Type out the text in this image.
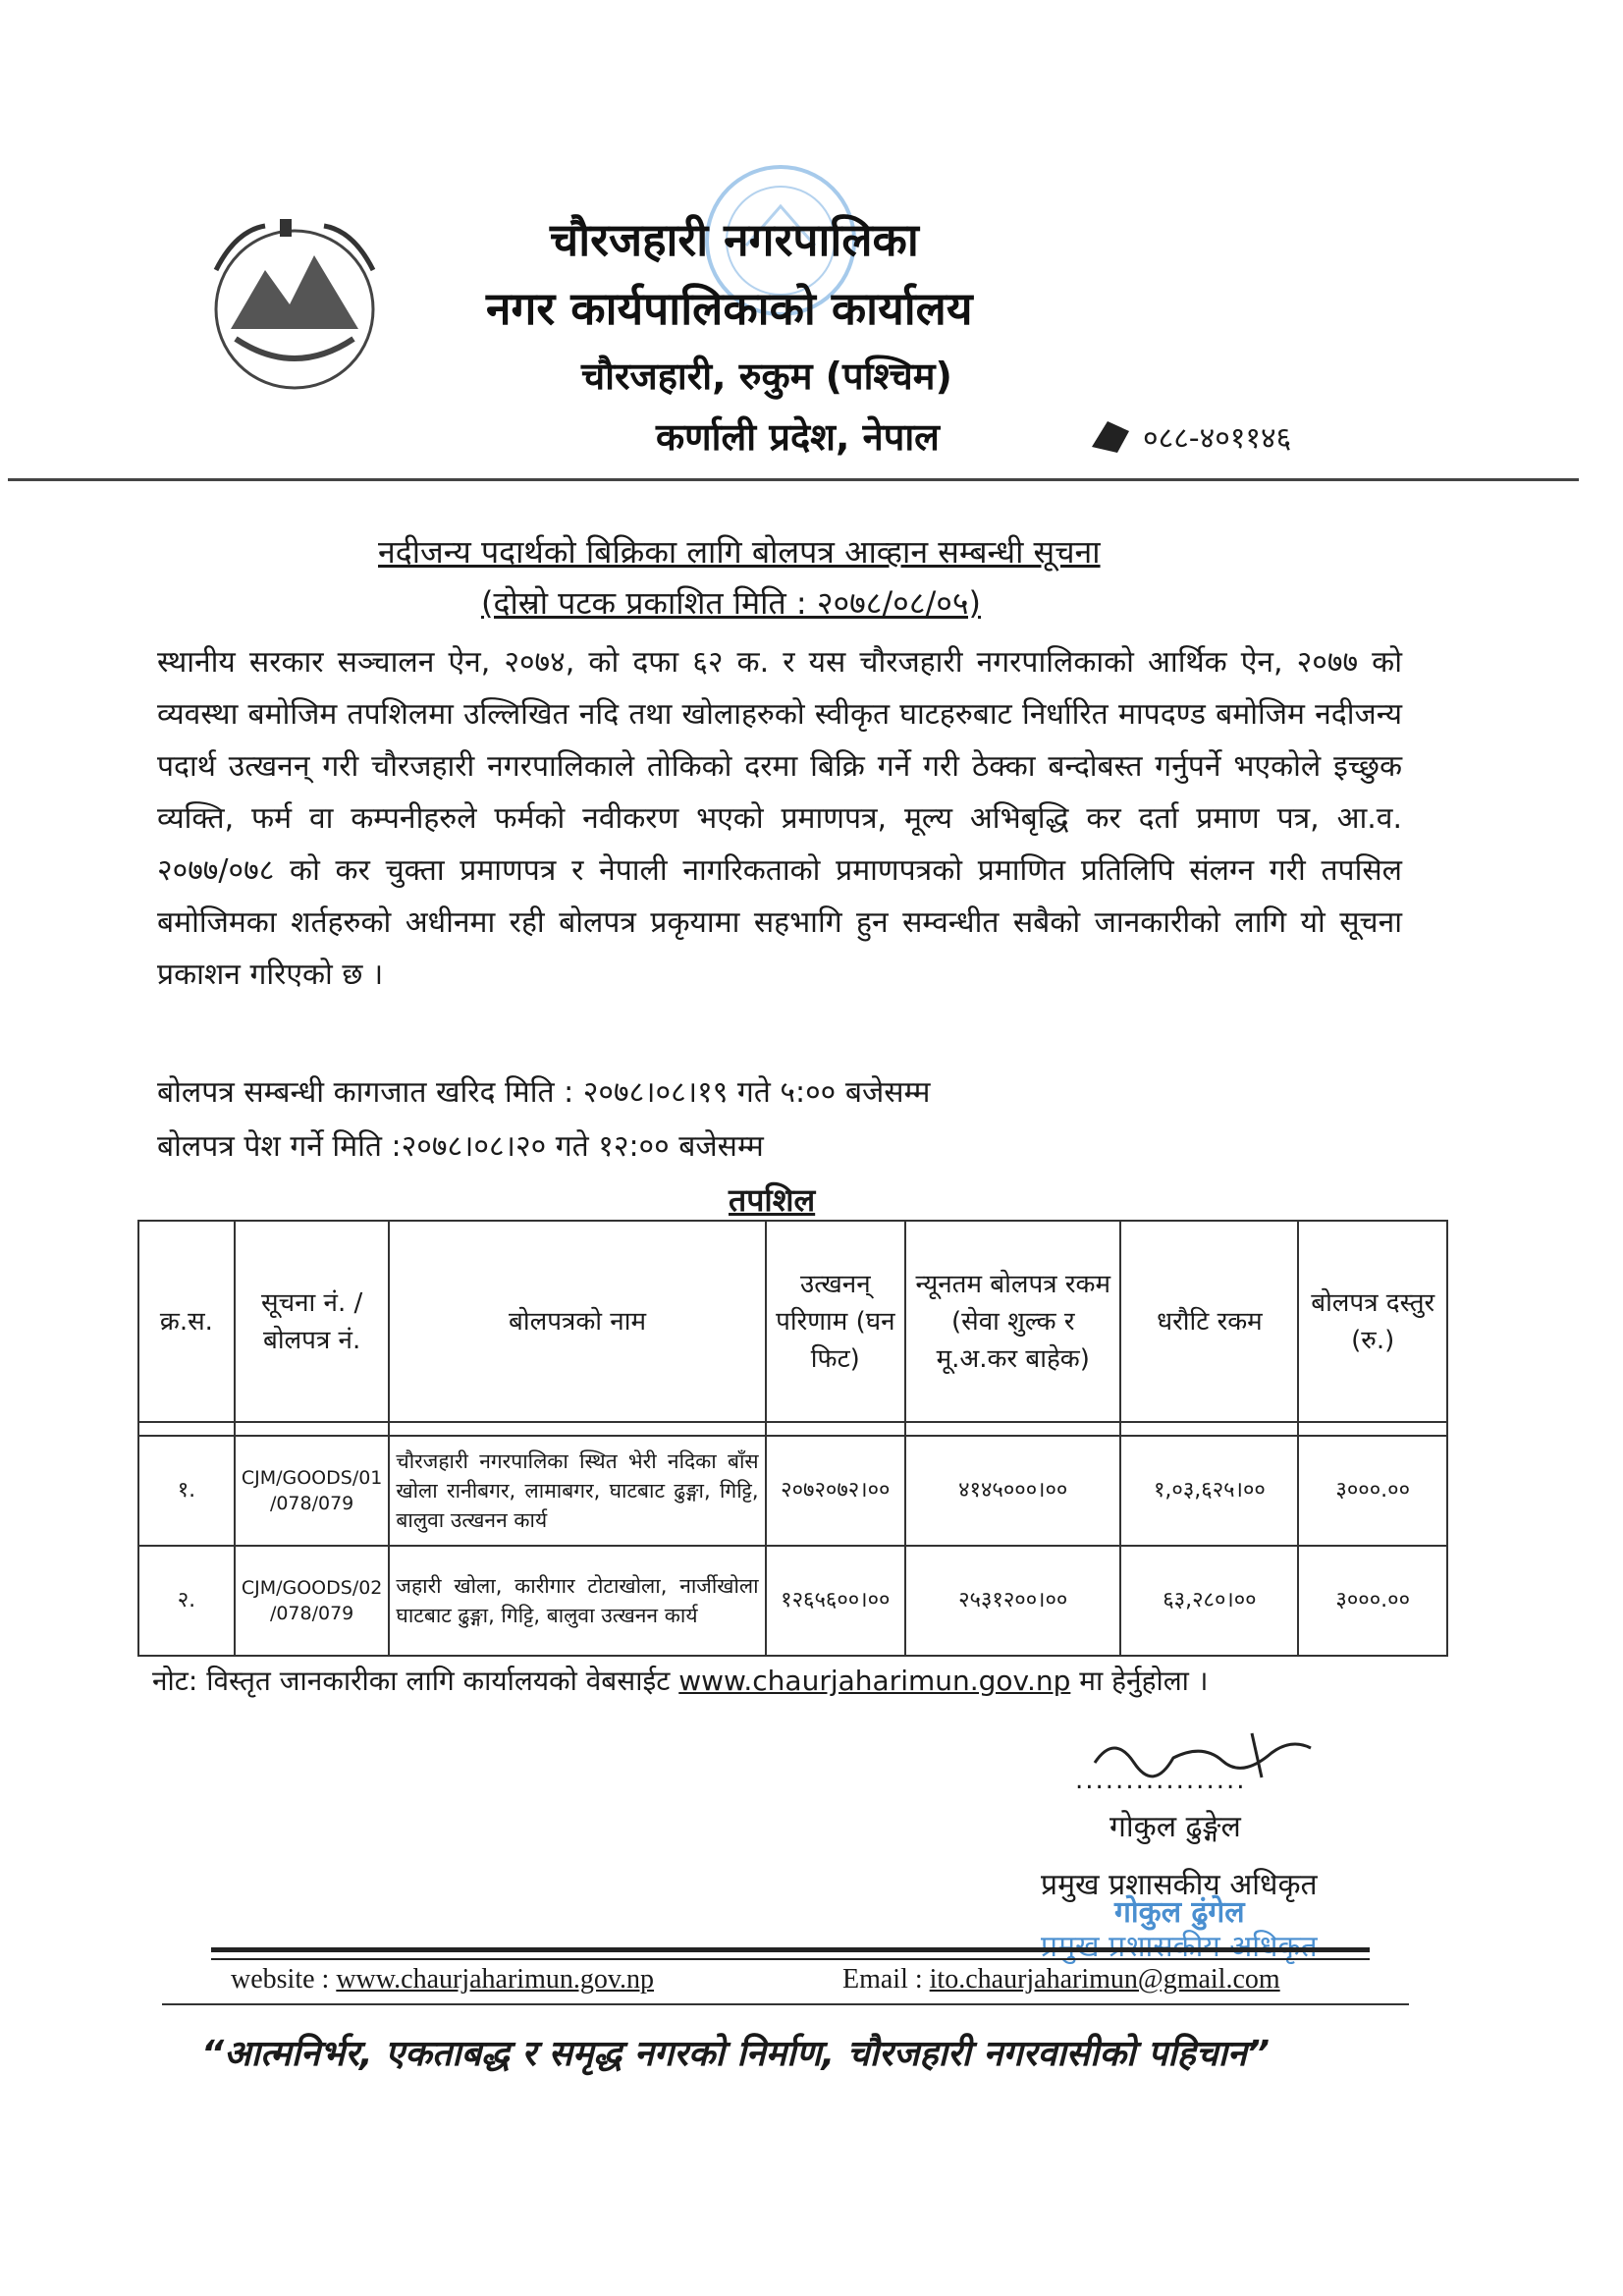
चौरजहारी नगरपालिका
नगर कार्यपालिकाको कार्यालय
चौरजहारी, रुकुम (पश्चिम)
कर्णाली प्रदेश, नेपाल	०८८-४०११४६
नदीजन्य पदार्थको बिक्रिका लागि बोलपत्र आव्हान सम्बन्धी सूचना
(दोस्रो पटक प्रकाशित मिति : २०७८/०८/०५)
स्थानीय सरकार सञ्चालन ऐन, २०७४, को दफा ६२ क. र यस चौरजहारी नगरपालिकाको आर्थिक ऐन, २०७७ को व्यवस्था बमोजिम तपशिलमा उल्लिखित नदि तथा खोलाहरुको स्वीकृत घाटहरुबाट निर्धारित मापदण्ड बमोजिम नदीजन्य पदार्थ उत्खनन् गरी चौरजहारी नगरपालिकाले तोकिको दरमा बिक्रि गर्ने गरी ठेक्का बन्दोबस्त गर्नुपर्ने भएकोले इच्छुक व्यक्ति, फर्म वा कम्पनीहरुले फर्मको नवीकरण भएको प्रमाणपत्र, मूल्य अभिबृद्धि कर दर्ता प्रमाण पत्र, आ.व. २०७७/०७८ को कर चुक्ता प्रमाणपत्र र नेपाली नागरिकताको प्रमाणपत्रको प्रमाणित प्रतिलिपि संलग्न गरी तपसिल बमोजिमका शर्तहरुको अधीनमा रही बोलपत्र प्रकृयामा सहभागि हुन सम्वन्धीत सबैको जानकारीको लागि यो सूचना प्रकाशन गरिएको छ ।
बोलपत्र सम्बन्धी कागजात खरिद मिति : २०७८।०८।१९ गते ५:०० बजेसम्म
बोलपत्र पेश गर्ने मिति :२०७८।०८।२० गते १२:०० बजेसम्म
तपशिल
क्र.स.	सूचना नं. /बोलपत्र नं.	बोलपत्रको नाम	उत्खनन् परिणाम (घन फिट)	न्यूनतम बोलपत्र रकम (सेवा शुल्क र मू.अ.कर बाहेक)	धरौटि रकम	बोलपत्र दस्तुर (रु.)

१.	CJM/GOODS/01 /078/079	चौरजहारी नगरपालिका स्थित भेरी नदिका बाँस खोला रानीबगर, लामाबगर, घाटबाट ढुङ्गा, गिट्टि, बालुवा उत्खनन कार्य	२०७२०७२।००	४१४५०००।००	१,०३,६२५।००	३०००.००
२.	CJM/GOODS/02 /078/079	जहारी खोला, कारीगार टोटाखोला, नार्जीखोला घाटबाट ढुङ्गा, गिट्टि, बालुवा उत्खनन कार्य	१२६५६००।००	२५३१२००।००	६३,२८०।००	३०००.००
नोट: विस्तृत जानकारीका लागि कार्यालयको वेबसाईट www.chaurjaharimun.gov.np मा हेर्नुहोला ।
.................
गोकुल ढुङ्गेल
प्रमुख प्रशासकीय अधिकृत
गोकुल ढुंगेल
प्रमुख प्रशासकीय अधिकृत
website : www.chaurjaharimun.gov.np	Email : ito.chaurjaharimun@gmail.com
“आत्मनिर्भर, एकताबद्ध र समृद्ध नगरको निर्माण, चौरजहारी नगरवासीको पहिचान”
